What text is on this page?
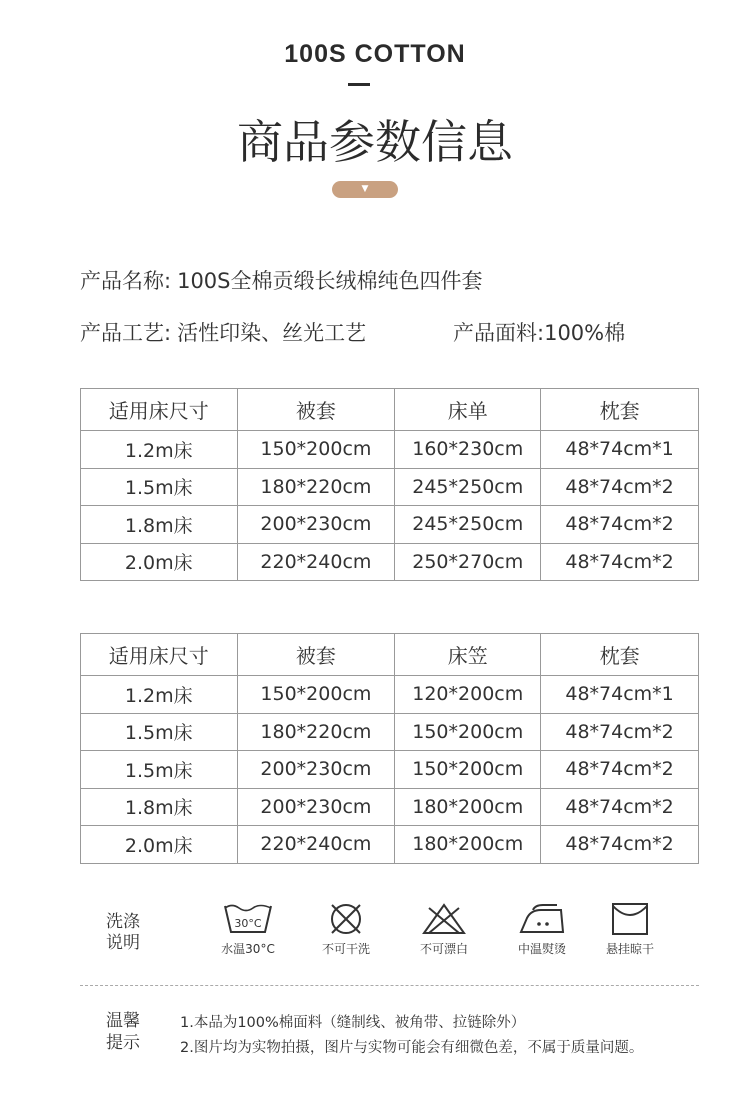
100S COTTON
商品参数信息
▼
产品名称: 100S全棉贡缎长绒棉纯色四件套
产品工艺: 活性印染、丝光工艺	产品面料:100%棉
适用床尺寸	被套	床单	枕套
1.2m床	150*200cm	160*230cm	48*74cm*1
1.5m床	180*220cm	245*250cm	48*74cm*2
1.8m床	200*230cm	245*250cm	48*74cm*2
2.0m床	220*240cm	250*270cm	48*74cm*2
适用床尺寸	被套	床笠	枕套
1.2m床	150*200cm	120*200cm	48*74cm*1
1.5m床	180*220cm	150*200cm	48*74cm*2
1.5m床	200*230cm	150*200cm	48*74cm*2
1.8m床	200*230cm	180*200cm	48*74cm*2
2.0m床	220*240cm	180*200cm	48*74cm*2
洗涤
说明
30°C
水温30°C	不可干洗	不可漂白	中温熨烫	悬挂晾干
温馨
提示
1.本品为100%棉面料（缝制线、被角带、拉链除外）
2.图片均为实物拍摄，图片与实物可能会有细微色差，不属于质量问题。
